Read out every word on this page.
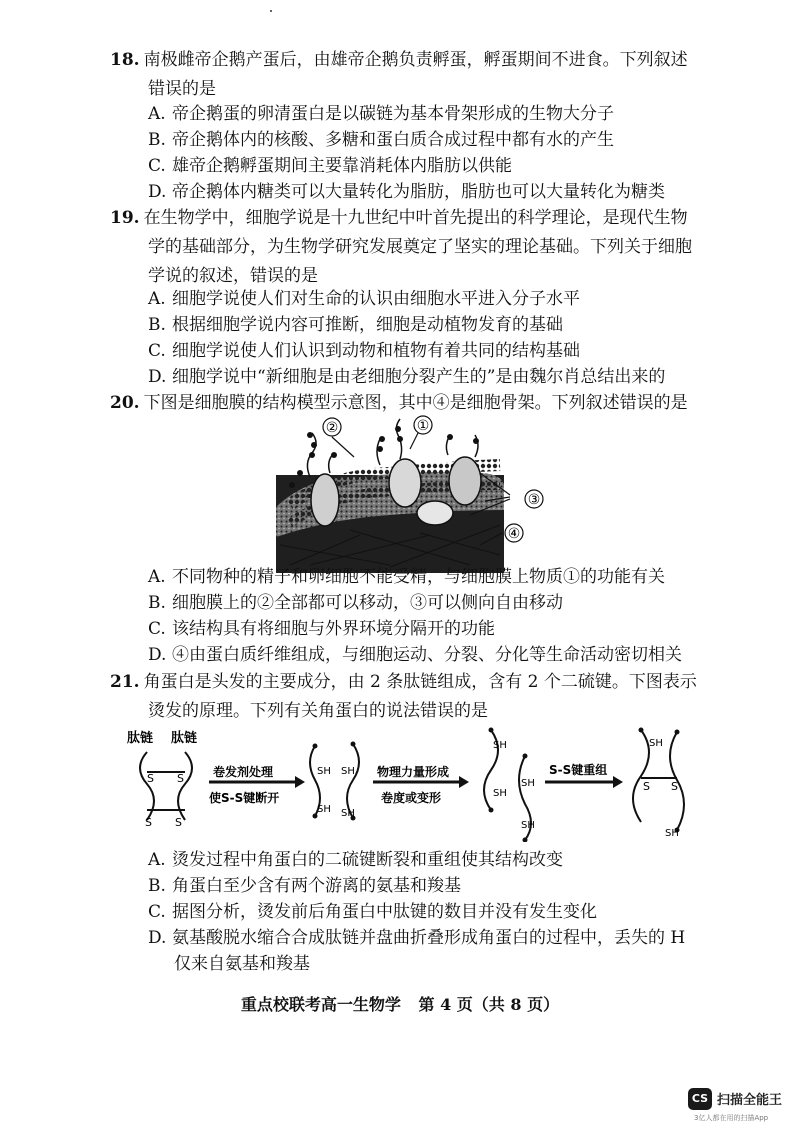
18. 南极雌帝企鹅产蛋后，由雄帝企鹅负责孵蛋，孵蛋期间不进食。下列叙述
错误的是
A. 帝企鹅蛋的卵清蛋白是以碳链为基本骨架形成的生物大分子
B. 帝企鹅体内的核酸、多糖和蛋白质合成过程中都有水的产生
C. 雄帝企鹅孵蛋期间主要靠消耗体内脂肪以供能
D. 帝企鹅体内糖类可以大量转化为脂肪，脂肪也可以大量转化为糖类
19. 在生物学中，细胞学说是十九世纪中叶首先提出的科学理论，是现代生物
学的基础部分，为生物学研究发展奠定了坚实的理论基础。下列关于细胞
学说的叙述，错误的是
A. 细胞学说使人们对生命的认识由细胞水平进入分子水平
B. 根据细胞学说内容可推断，细胞是动植物发育的基础
C. 细胞学说使人们认识到动物和植物有着共同的结构基础
D. 细胞学说中“新细胞是由老细胞分裂产生的”是由魏尔肖总结出来的
20. 下图是细胞膜的结构模型示意图，其中④是细胞骨架。下列叙述错误的是
②	①
③
④
A. 不同物种的精子和卵细胞不能受精，与细胞膜上物质①的功能有关
B. 细胞膜上的②全部都可以移动，③可以侧向自由移动
C. 该结构具有将细胞与外界环境分隔开的功能
D. ④由蛋白质纤维组成，与细胞运动、分裂、分化等生命活动密切相关
21. 角蛋白是头发的主要成分，由 2 条肽链组成，含有 2 个二硫键。下图表示
烫发的原理。下列有关角蛋白的说法错误的是
肽链 肽链
S S
S S
卷发剂处理
使S-S键断开
SH SH
SH SH
物理力量形成
卷度或变形
SH
SH
SH
SH
S-S键重组
SH
S S
SH
A. 烫发过程中角蛋白的二硫键断裂和重组使其结构改变
B. 角蛋白至少含有两个游离的氨基和羧基
C. 据图分析，烫发前后角蛋白中肽键的数目并没有发生变化
D. 氨基酸脱水缩合合成肽链并盘曲折叠形成角蛋白的过程中，丢失的 H
仅来自氨基和羧基
重点校联考高一生物学 第 4 页（共 8 页）
CS 扫描全能王
3亿人都在用的扫描App
